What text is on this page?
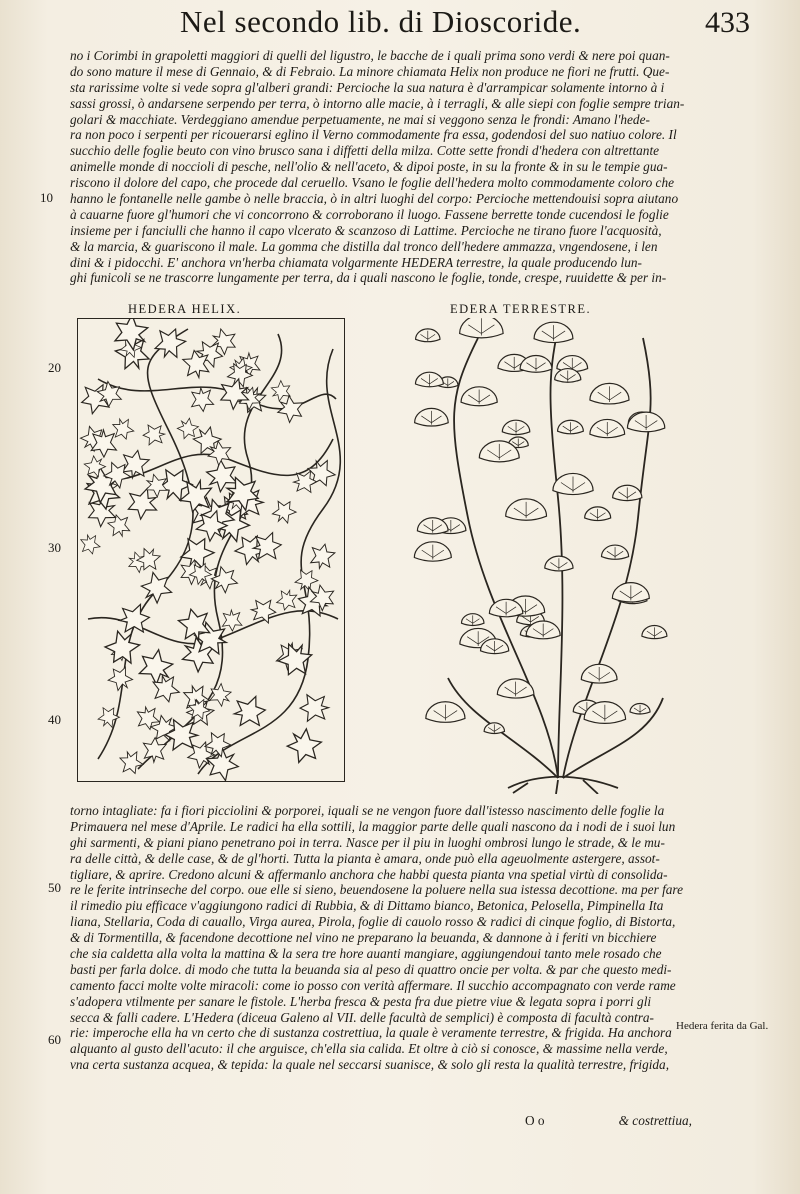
Nel secondo lib. di Dioscoride.	433
no i Corimbi in grapoletti maggiori di quelli del ligustro, le bacche de i quali prima sono verdi & nere poi quan-
do sono mature il mese di Gennaio, & di Febraio. La minore chiamata Helix non produce ne fiori ne frutti. Que-
sta rarissime volte si vede sopra gl'alberi grandi: Percioche la sua natura è d'arrampicar solamente intorno à i
sassi grossi, ò andarsene serpendo per terra, ò intorno alle macie, à i terragli, & alle siepi con foglie sempre trian-
golari & macchiate. Verdeggiano amendue perpetuamente, ne mai si veggono senza le frondi: Amano l'hede-
ra non poco i serpenti per ricouerarsi eglino il Verno commodamente fra essa, godendosi del suo natiuo colore. Il
succhio delle foglie beuto con vino brusco sana i diffetti della milza. Cotte sette frondi d'hedera con altrettante
animelle monde di noccioli di pesche, nell'olio & nell'aceto, & dipoi poste, in su la fronte & in su le tempie gua-
riscono il dolore del capo, che procede dal ceruello. Vsano le foglie dell'hedera molto commodamente coloro che
hanno le fontanelle nelle gambe ò nelle braccia, ò in altri luoghi del corpo: Percioche mettendouisi sopra aiutano
à cauarne fuore gl'humori che vi concorrono & corroborano il luogo. Fassene berrette tonde cucendosi le foglie
insieme per i fanciulli che hanno il capo vlcerato & scanzoso di Lattime. Percioche ne tirano fuore l'acquosità,
& la marcia, & guariscono il male. La gomma che distilla dal tronco dell'hedere ammazza, vngendosene, i len
dini & i pidocchi. E' anchora vn'herba chiamata volgarmente HEDERA terrestre, la quale producendo lun-
ghi funicoli se ne trascorre lungamente per terra, da i quali nascono le foglie, tonde, crespe, ruuidette & per in-
10
20
30
40
50
60
HEDERA HELIX.	EDERA TERRESTRE.
torno intagliate: fa i fiori picciolini & porporei, iquali se ne vengon fuore dall'istesso nascimento delle foglie la
Primauera nel mese d'Aprile. Le radici ha ella sottili, la maggior parte delle quali nascono da i nodi de i suoi lun
ghi sarmenti, & piani piano penetrano poi in terra. Nasce per il piu in luoghi ombrosi lungo le strade, & le mu-
ra delle città, & delle case, & de gl'horti. Tutta la pianta è amara, onde può ella ageuolmente astergere, assot-
tigliare, & aprire. Credono alcuni & affermanlo anchora che habbi questa pianta vna spetial virtù di consolida-
re le ferite intrinseche del corpo. oue elle si sieno, beuendosene la poluere nella sua istessa decottione. ma per fare
il rimedio piu efficace v'aggiungono radici di Rubbia, & di Dittamo bianco, Betonica, Pelosella, Pimpinella Ita
liana, Stellaria, Coda di cauallo, Virga aurea, Pirola, foglie di cauolo rosso & radici di cinque foglio, di Bistorta,
& di Tormentilla, & facendone decottione nel vino ne preparano la beuanda, & dannone à i feriti vn bicchiere
che sia caldetta alla volta la mattina & la sera tre hore auanti mangiare, aggiungendoui tanto mele rosado che
basti per farla dolce. di modo che tutta la beuanda sia al peso di quattro oncie per volta. & par che questo medi-
camento facci molte volte miracoli: come io posso con verità affermare. Il succhio accompagnato con verde rame
s'adopera vtilmente per sanare le fistole. L'herba fresca & pesta fra due pietre viue & legata sopra i porri gli
secca & falli cadere. L'Hedera (diceua Galeno al VII. delle facultà de semplici) è composta di facultà contra-
rie: imperoche ella ha vn certo che di sustanza costrettiua, la quale è veramente terrestre, & frigida. Ha anchora
alquanto al gusto dell'acuto: il che arguisce, ch'ella sia calida. Et oltre à ciò si conosce, & massime nella verde,
vna certa sustanza acquea, & tepida: la quale nel seccarsi suanisce, & solo gli resta la qualità terrestre, frigida,
Hedera ferita da Gal.
O o	& costrettiua,
